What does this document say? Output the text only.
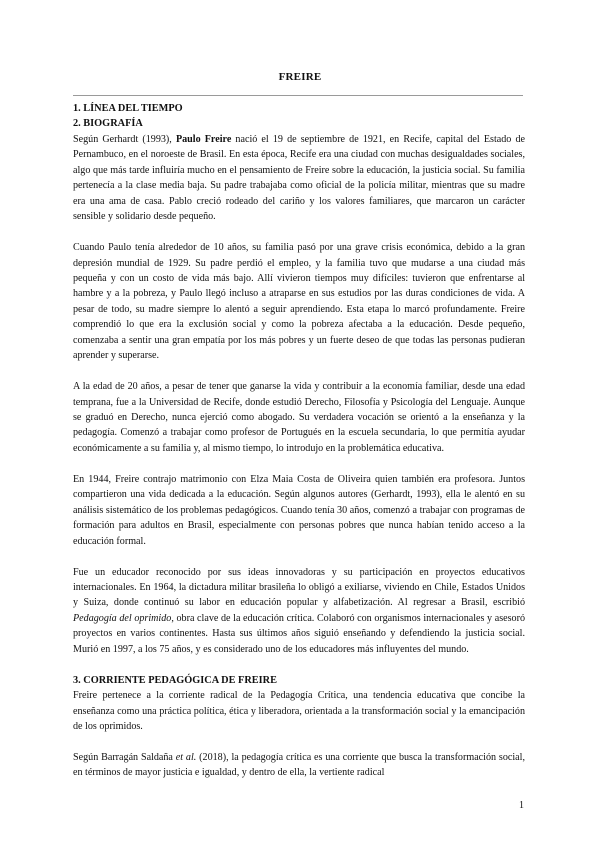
FREIRE
1. LÍNEA DEL TIEMPO
2. BIOGRAFÍA

Según Gerhardt (1993), Paulo Freire nació el 19 de septiembre de 1921, en Recife, capital del Estado de Pernambuco, en el noroeste de Brasil. En esta época, Recife era una ciudad con muchas desigualdades sociales, algo que más tarde influiría mucho en el pensamiento de Freire sobre la educación, la justicia social. Su familia pertenecía a la clase media baja. Su padre trabajaba como oficial de la policía militar, mientras que su madre era una ama de casa. Pablo creció rodeado del cariño y los valores familiares, que marcaron un carácter sensible y solidario desde pequeño.

Cuando Paulo tenía alrededor de 10 años, su familia pasó por una grave crisis económica, debido a la gran depresión mundial de 1929. Su padre perdió el empleo, y la familia tuvo que mudarse a una ciudad más pequeña y con un costo de vida más bajo. Allí vivieron tiempos muy difíciles: tuvieron que enfrentarse al hambre y a la pobreza, y Paulo llegó incluso a atraparse en sus estudios por las duras condiciones de vida. A pesar de todo, su madre siempre lo alentó a seguir aprendiendo. Esta etapa lo marcó profundamente. Freire comprendió lo que era la exclusión social y como la pobreza afectaba a la educación. Desde pequeño, comenzaba a sentir una gran empatía por los más pobres y un fuerte deseo de que todas las personas pudieran aprender y superarse.

A la edad de 20 años, a pesar de tener que ganarse la vida y contribuir a la economía familiar, desde una edad temprana, fue a la Universidad de Recife, donde estudió Derecho, Filosofía y Psicología del Lenguaje. Aunque se graduó en Derecho, nunca ejerció como abogado. Su verdadera vocación se orientó a la enseñanza y la pedagogía. Comenzó a trabajar como profesor de Portugués en la escuela secundaria, lo que permitía ayudar económicamente a su familia y, al mismo tiempo, lo introdujo en la problemática educativa.

En 1944, Freire contrajo matrimonio con Elza Maia Costa de Oliveira quien también era profesora. Juntos compartieron una vida dedicada a la educación. Según algunos autores (Gerhardt, 1993), ella le alentó en su análisis sistemático de los problemas pedagógicos. Cuando tenía 30 años, comenzó a trabajar con programas de formación para adultos en Brasil, especialmente con personas pobres que nunca habían tenido acceso a la educación formal.

Fue un educador reconocido por sus ideas innovadoras y su participación en proyectos educativos internacionales. En 1964, la dictadura militar brasileña lo obligó a exiliarse, viviendo en Chile, Estados Unidos y Suiza, donde continuó su labor en educación popular y alfabetización. Al regresar a Brasil, escribió Pedagogía del oprimido, obra clave de la educación crítica. Colaboró con organismos internacionales y asesoró proyectos en varios continentes. Hasta sus últimos años siguió enseñando y defendiendo la justicia social. Murió en 1997, a los 75 años, y es considerado uno de los educadores más influyentes del mundo.

3. CORRIENTE PEDAGÓGICA DE FREIRE

Freire pertenece a la corriente radical de la Pedagogía Crítica, una tendencia educativa que concibe la enseñanza como una práctica política, ética y liberadora, orientada a la transformación social y la emancipación de los oprimidos.

Según Barragán Saldaña et al. (2018), la pedagogía crítica es una corriente que busca la transformación social, en términos de mayor justicia e igualdad, y dentro de ella, la vertiente radical

1
